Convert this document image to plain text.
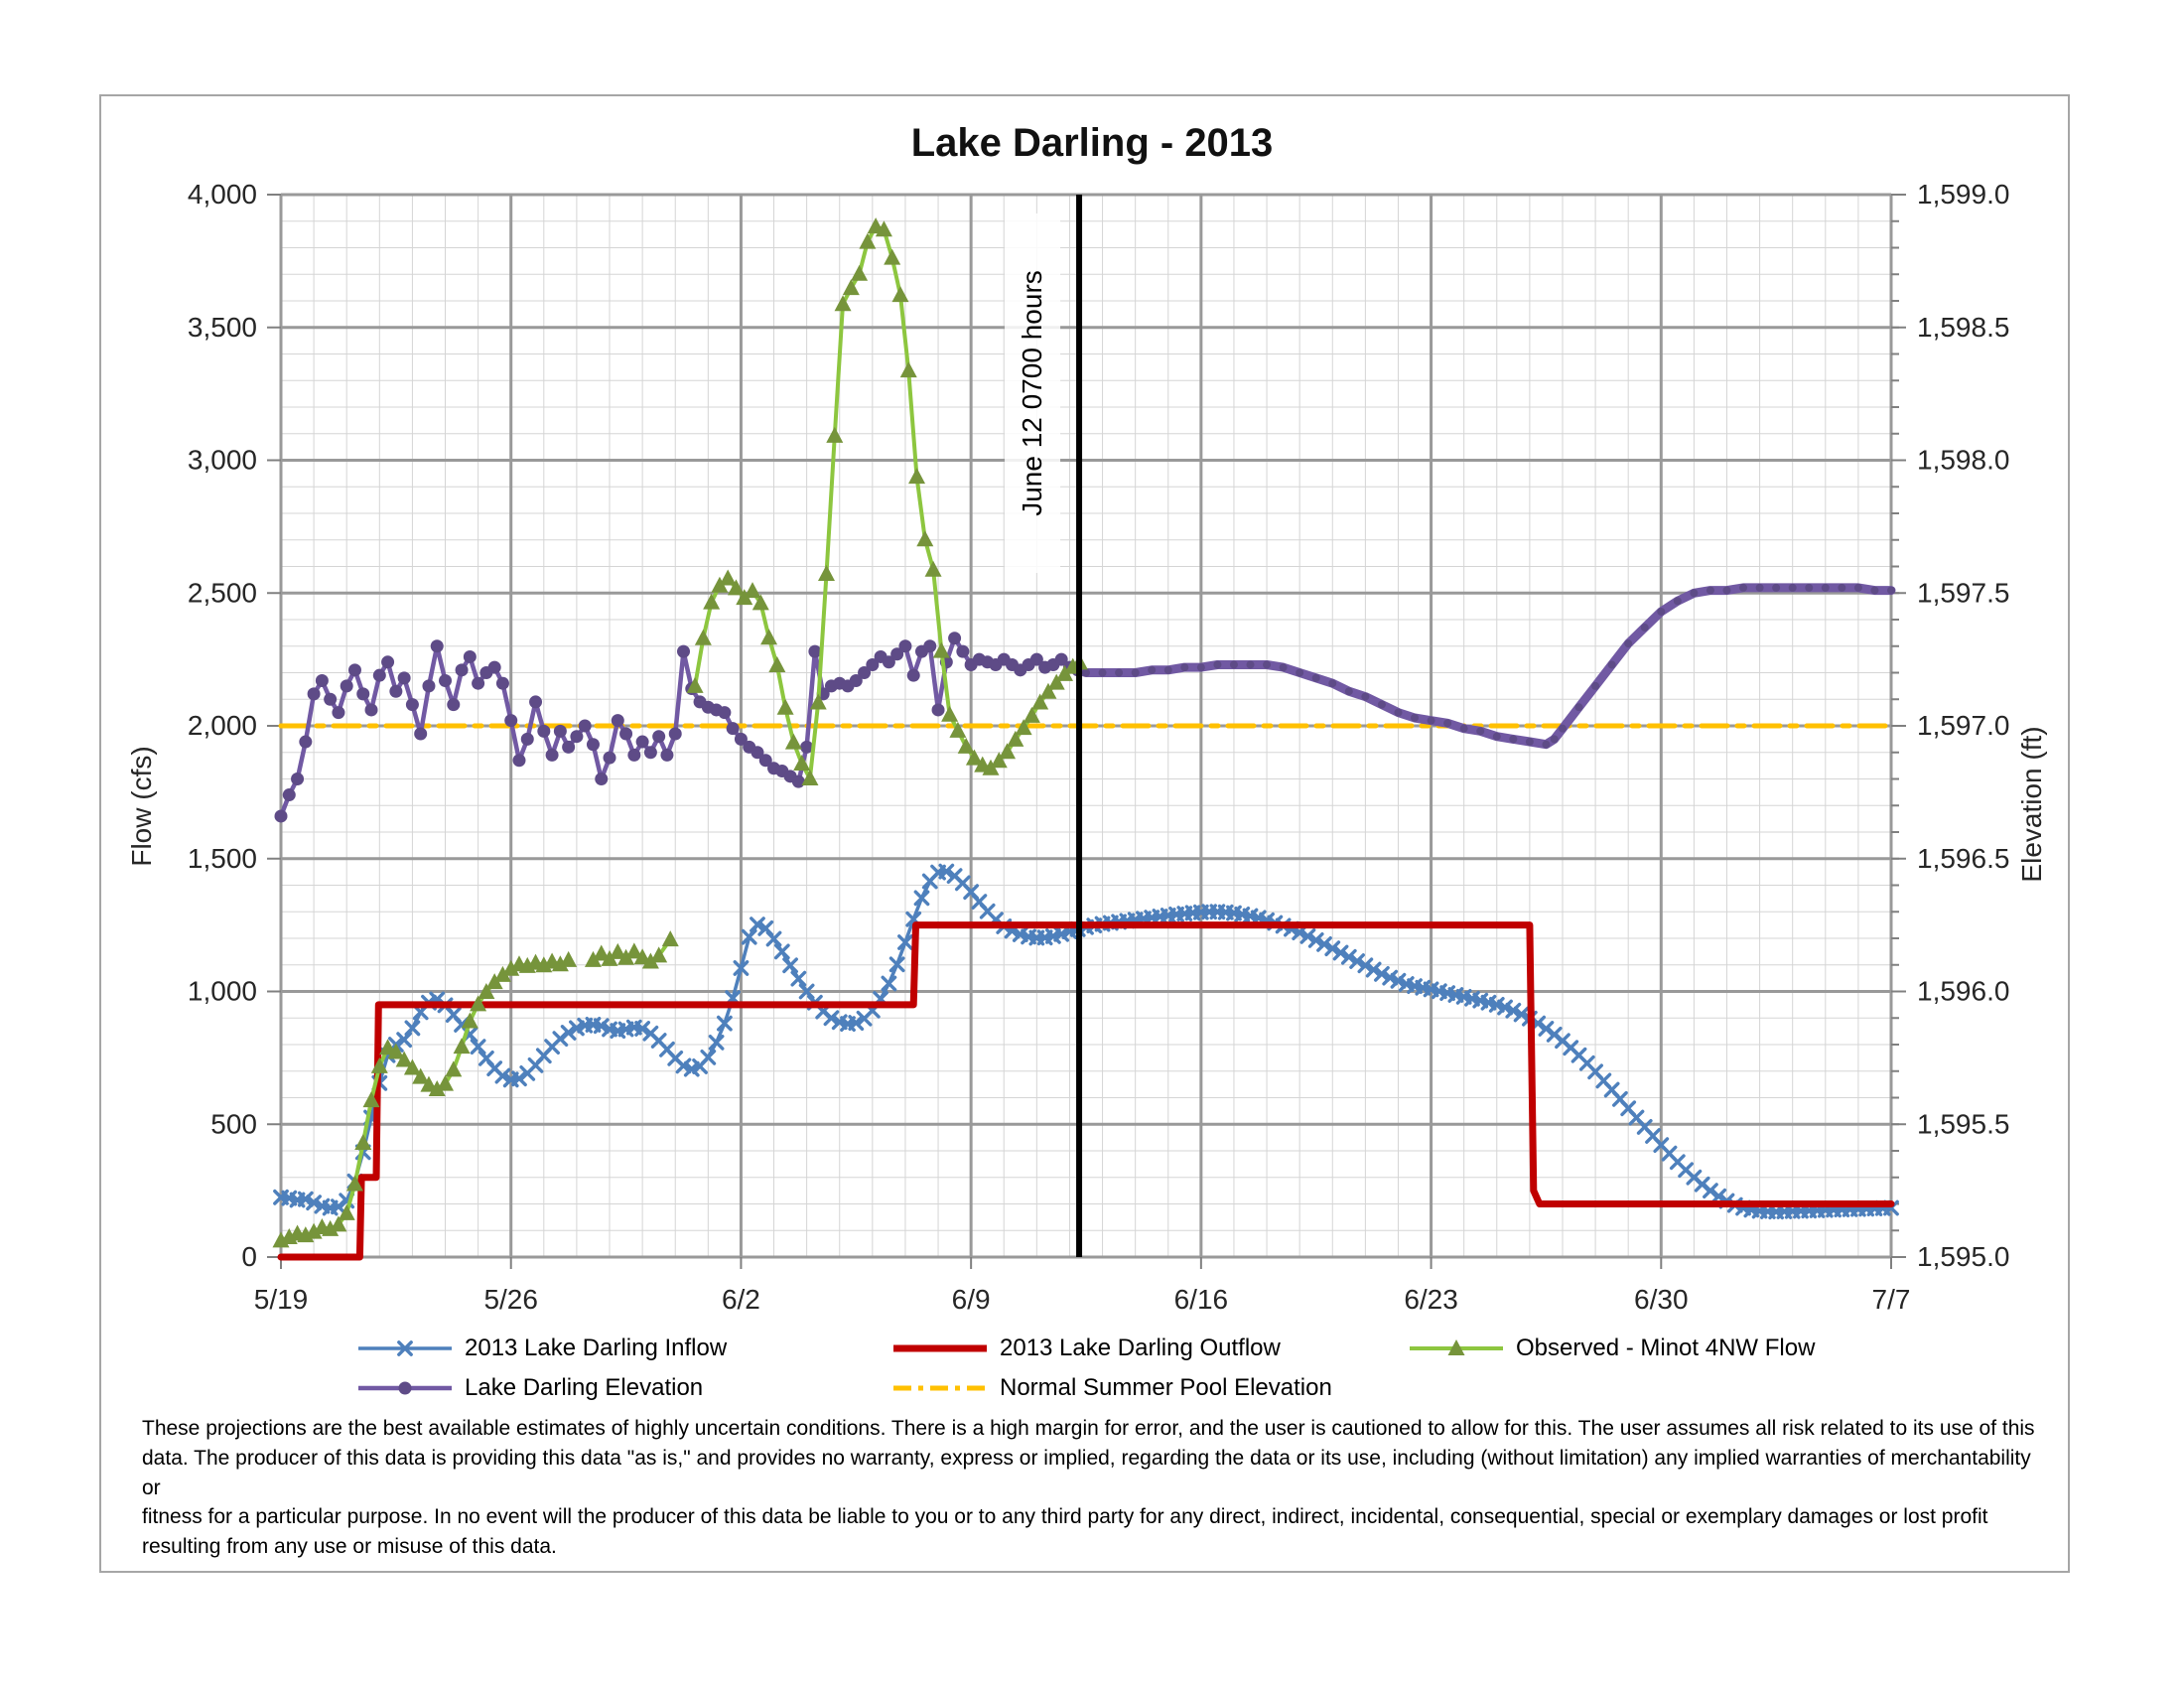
0
500
1,000
1,500
2,000
2,500
3,000
3,500
4,000
1,595.0
1,595.5
1,596.0
1,596.5
1,597.0
1,597.5
1,598.0
1,598.5
1,599.0
5/19	5/26	6/2	6/9	6/16	6/23	6/30	7/7
Flow (cfs)	Elevation (ft)
June 12 0700 hours
Lake Darling - 2013
2013 Lake Darling Inflow	2013 Lake Darling Outflow	Observed - Minot 4NW Flow
Lake Darling Elevation	Normal Summer Pool Elevation
These projections are the best available estimates of highly uncertain conditions. There is a high margin for error, and the user is cautioned to allow for this. The user assumes all risk related to its use of this
data. The producer of this data is providing this data "as is," and provides no warranty, express or implied, regarding the data or its use, including (without limitation) any implied warranties of merchantability or
fitness for a particular purpose. In no event will the producer of this data be liable to you or to any third party for any direct, indirect, incidental, consequential, special or exemplary damages or lost profit
resulting from any use or misuse of this data.
